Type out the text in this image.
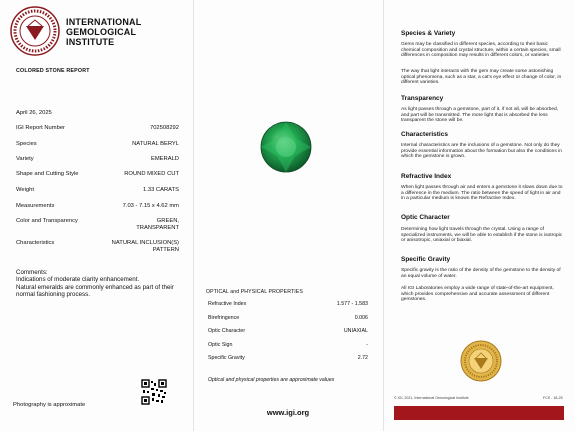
INTERNATIONAL
GEMOLOGICAL
INSTITUTE
COLORED STONE REPORT
April 26, 2025
IGI Report Number	702508292
Species	NATURAL BERYL
Variety	EMERALD
Shape and Cutting Style	ROUND MIXED CUT
Weight	1.33 CARATS
Measurements	7.03 - 7.15 x 4.62 mm
Color and Transparency	GREEN,
TRANSPARENT
Characteristics	NATURAL INCLUSION(S)
PATTERN
Comments:
Indications of moderate clarity enhancement.
Natural emeralds are commonly enhanced as part of their normal fashioning process.
Photography is approximate
OPTICAL and PHYSICAL PROPERTIES
Refractive Index	1.577 - 1.583
Birefringence	0.006
Optic Character	UNIAXIAL
Optic Sign	-
Specific Gravity	2.72
Optical and physical properties are approximate values
www.igi.org
Species & Variety
Gems may be classified in different species, according to their basic chemical composition and crystal structure, within a certain species, small differences in composition may results in different colors, or varieties
The way that light interacts with the gem may create some astonishing optical phenomena, such as a star, a cat's eye effect or change of color, in different varieties.
Transparency
As light passes through a gemstone, part of it, if not all, will be absorbed, and part will be transmitted. The more light that is absorbed the less transparent the stone will be.
Characteristics
Internal characteristics are the inclusions of a gemstone. Not only do they provide essential information about the formation but also the conditions in which the gemstone is grown.
Refractive Index
When light passes through air and enters a gemstone it slows down due to a difference in the medium. The ratio between the speed of light in air and in a particular medium is known the Refractive Index.
Optic Character
Determining how light travels through the crystal. Using a range of specialized instruments, we will be able to establish if the stone is isotropic or anisotropic, uniaxial or biaxial.
Specific Gravity
Specific gravity is the ratio of the density of the gemstone to the density of an equal volume of water.
All IGI Laboratories employ a wide range of state-of-the-art equipment, which provides comprehensive and accurate assessment of different gemstones.
© IGI, 2021, International Gemological Institute	FCS - 18-25
